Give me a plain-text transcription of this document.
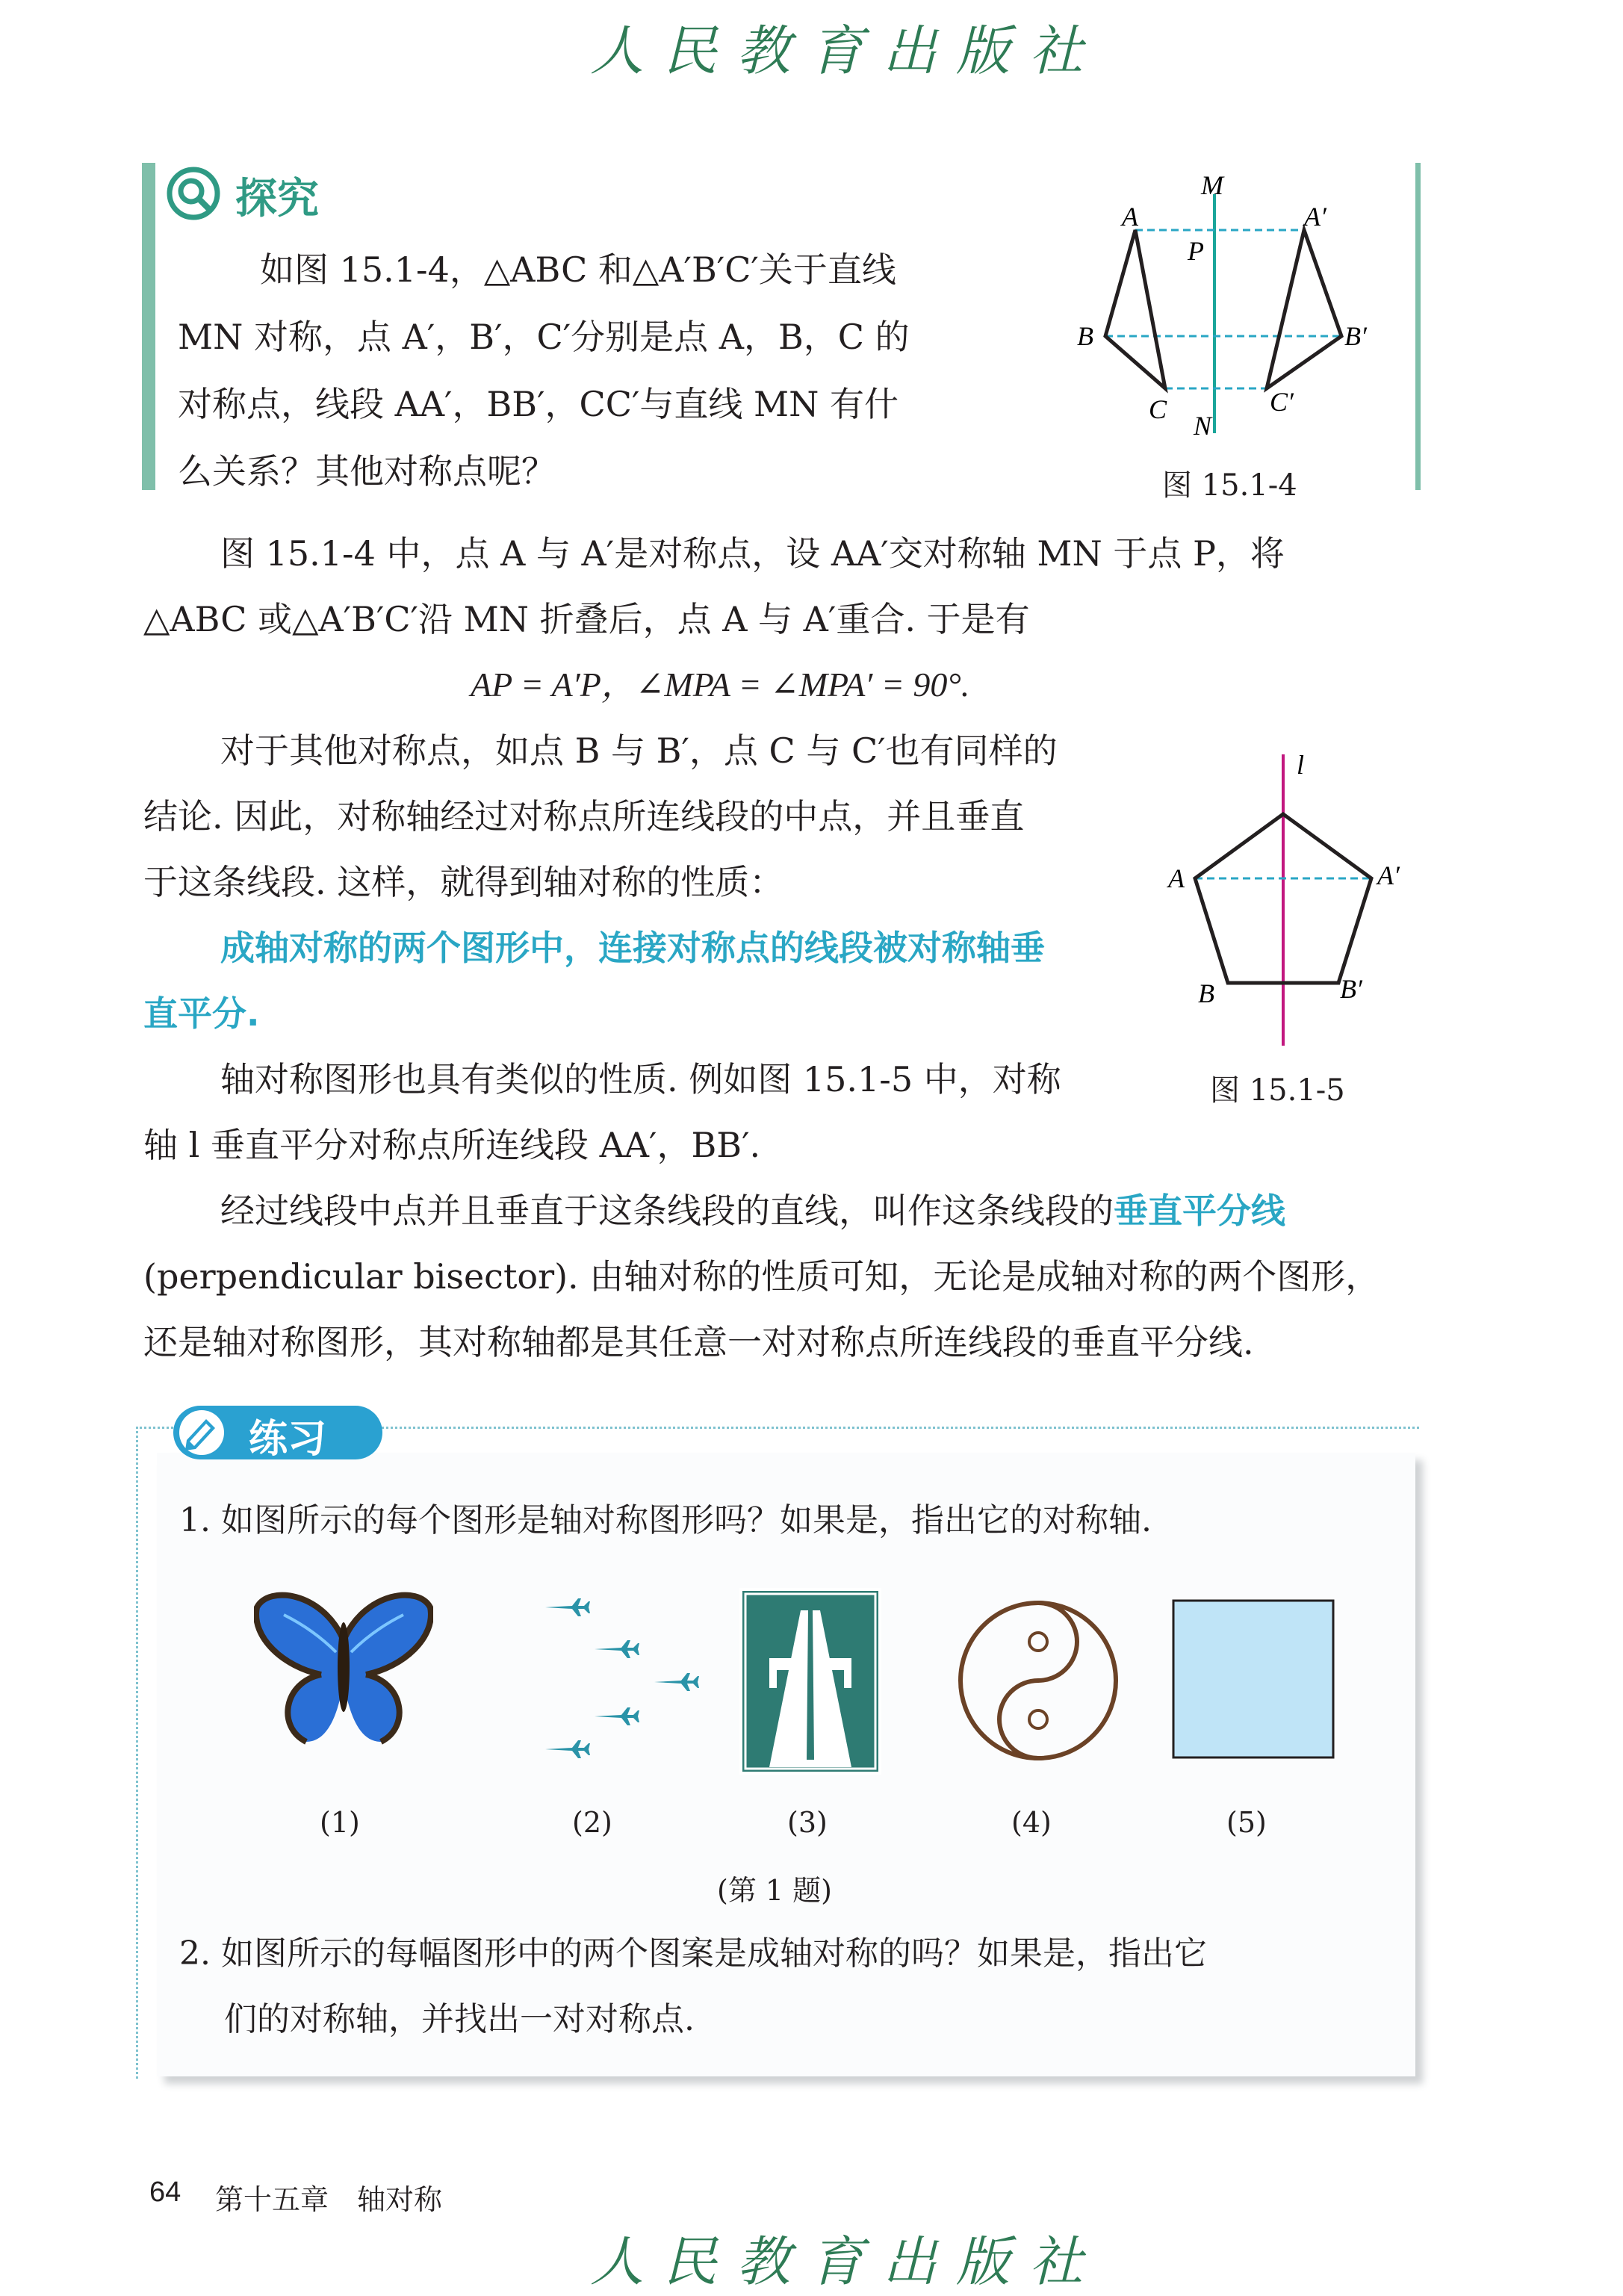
人民教育出版社
探究
如图 15.1-4，△ABC 和△A′B′C′关于直线
MN 对称，点 A′，B′，C′分别是点 A，B，C 的
对称点，线段 AA′，BB′，CC′与直线 MN 有什
么关系？其他对称点呢？
M
P
A	A′
B	B′
C	C′
N
图 15.1-4
图 15.1-4 中，点 A 与 A′是对称点，设 AA′交对称轴 MN 于点 P，将
△ABC 或△A′B′C′沿 MN 折叠后，点 A 与 A′重合. 于是有
AP = A′P，∠MPA = ∠MPA′ = 90°.
对于其他对称点，如点 B 与 B′，点 C 与 C′也有同样的
结论. 因此，对称轴经过对称点所连线段的中点，并且垂直
于这条线段. 这样，就得到轴对称的性质：
成轴对称的两个图形中，连接对称点的线段被对称轴垂
直平分.
轴对称图形也具有类似的性质. 例如图 15.1-5 中，对称
轴 l 垂直平分对称点所连线段 AA′，BB′.
经过线段中点并且垂直于这条线段的直线，叫作这条线段的垂直平分线
(perpendicular bisector). 由轴对称的性质可知，无论是成轴对称的两个图形，
还是轴对称图形，其对称轴都是其任意一对对称点所连线段的垂直平分线.
l
A	A′
B	B′
图 15.1-5
练习
1. 如图所示的每个图形是轴对称图形吗？如果是，指出它的对称轴.
(1)	(2)	(3)	(4)	(5)
(第 1 题)
2. 如图所示的每幅图形中的两个图案是成轴对称的吗？如果是，指出它
们的对称轴，并找出一对对称点.
64 第十五章　轴对称
人民教育出版社
